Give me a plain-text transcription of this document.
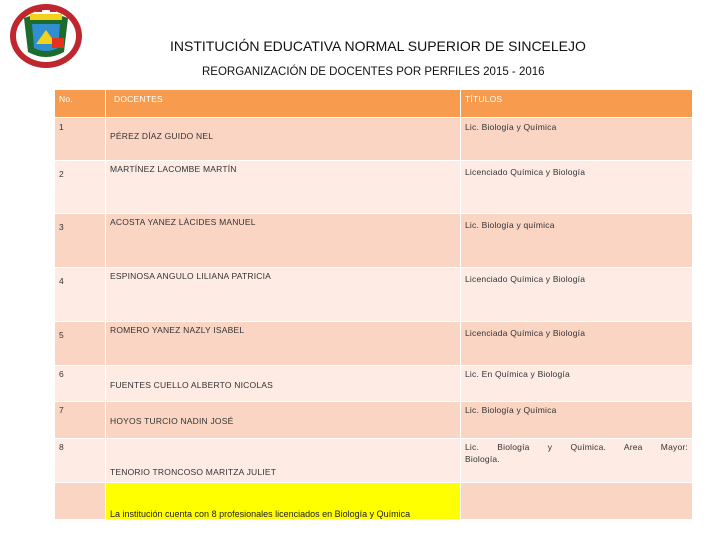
INSTITUCIÓN EDUCATIVA NORMAL SUPERIOR DE SINCELEJO
REORGANIZACIÓN DE DOCENTES POR PERFILES 2015 - 2016
No.	DOCENTES	TÍTULOS

1	PÉREZ DÍAZ GUIDO NEL	Lic. Biología y Química

2	MARTÍNEZ LACOMBE MARTÍN	Licenciado Química y Biología

3	ACOSTA YANEZ LÀCIDES MANUEL	Lic. Biología y química

4	ESPINOSA ANGULO LILIANA PATRICIA	Licenciado Química y Biología

5	ROMERO YANEZ NAZLY ISABEL	Licenciada Química y Biología

6	FUENTES CUELLO ALBERTO NICOLAS	Lic. En Química y Biología

7	HOYOS TURCIO NADIN JOSÉ	Lic. Biología y Química

8	TENORIO TRONCOSO MARITZA JULIET	Lic. Biología y Química. Area Mayor:
Biología.

	La institución cuenta con 8 profesionales licenciados en Biología y Química	
